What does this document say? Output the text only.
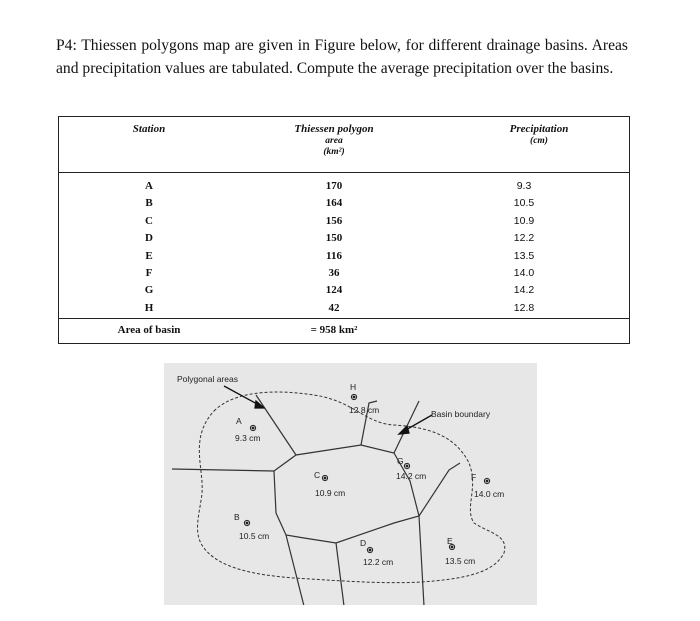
P4: Thiessen polygons map are given in Figure below, for different drainage basins. Areas and precipitation values are tabulated. Compute the average precipitation over the basins.

Station	Thiessen polygon
area
(km²)
Precipitation
(cm)
A
B
C
D
E
F
G
H
170
164
156
150
116
36
124
42
9.3
10.5
10.9
12.2
13.5
14.0
14.2
12.8
Area of basin	= 958 km²
Polygonal areas
Basin boundary
A
9.3 cm
B
10.5 cm
C
10.9 cm
D
12.2 cm
E
13.5 cm
F
14.0 cm
G
14.2 cm
H
12.8 cm
